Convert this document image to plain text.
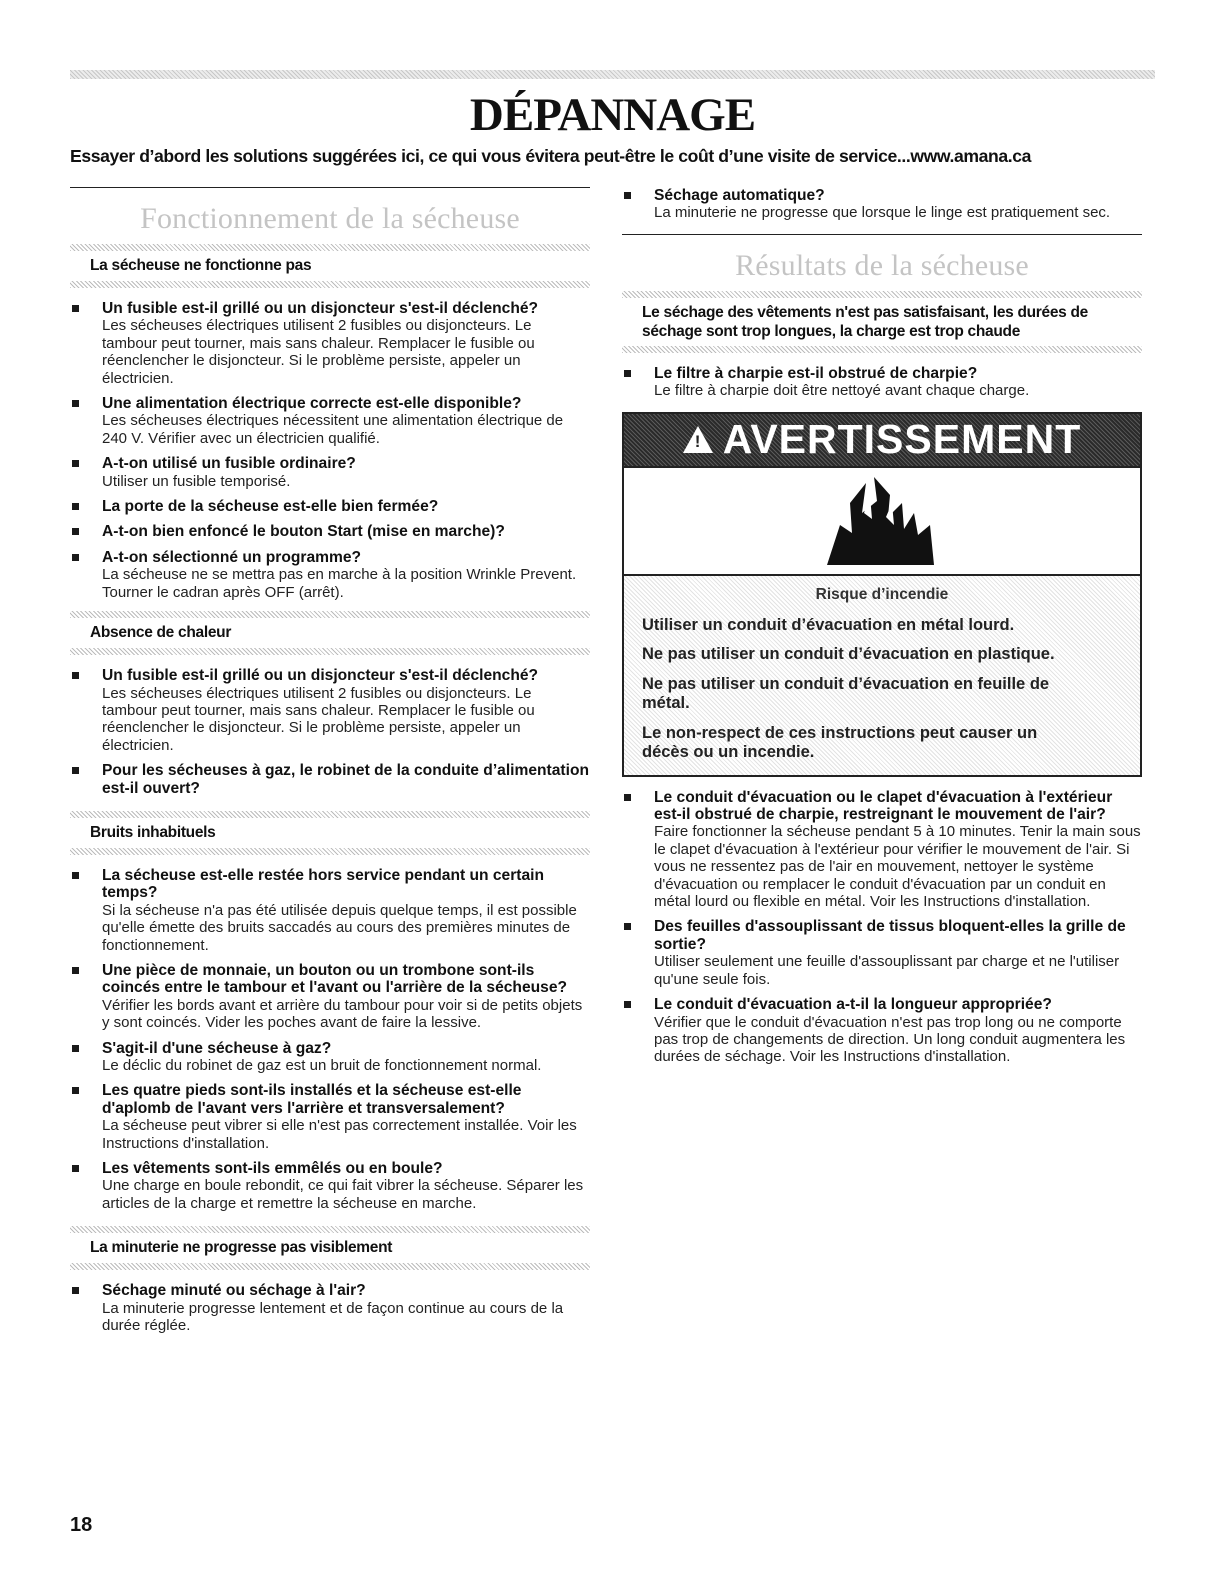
DÉPANNAGE

Essayer d’abord les solutions suggérées ici, ce qui vous évitera peut-être le coût d’une visite de service...www.amana.ca

Fonctionnement de la sécheuse
La sécheuse ne fonctionne pas
Un fusible est-il grillé ou un disjoncteur s'est-il déclenché?
Les sécheuses électriques utilisent 2 fusibles ou disjoncteurs. Le tambour peut tourner, mais sans chaleur. Remplacer le fusible ou réenclencher le disjoncteur. Si le problème persiste, appeler un électricien.
Une alimentation électrique correcte est-elle disponible?
Les sécheuses électriques nécessitent une alimentation électrique de 240 V. Vérifier avec un électricien qualifié.
A-t-on utilisé un fusible ordinaire?
Utiliser un fusible temporisé.
La porte de la sécheuse est-elle bien fermée?
A-t-on bien enfoncé le bouton Start (mise en marche)?
A-t-on sélectionné un programme?
La sécheuse ne se mettra pas en marche à la position Wrinkle Prevent. Tourner le cadran après OFF (arrêt).
Absence de chaleur
Un fusible est-il grillé ou un disjoncteur s'est-il déclenché?
Les sécheuses électriques utilisent 2 fusibles ou disjoncteurs. Le tambour peut tourner, mais sans chaleur. Remplacer le fusible ou réenclencher le disjoncteur. Si le problème persiste, appeler un électricien.
Pour les sécheuses à gaz, le robinet de la conduite d’alimentation est-il ouvert?
Bruits inhabituels
La sécheuse est-elle restée hors service pendant un certain temps?
Si la sécheuse n'a pas été utilisée depuis quelque temps, il est possible qu'elle émette des bruits saccadés au cours des premières minutes de fonctionnement.
Une pièce de monnaie, un bouton ou un trombone sont-ils coincés entre le tambour et l'avant ou l'arrière de la sécheuse?
Vérifier les bords avant et arrière du tambour pour voir si de petits objets y sont coincés. Vider les poches avant de faire la lessive.
S'agit-il d'une sécheuse à gaz?
Le déclic du robinet de gaz est un bruit de fonctionnement normal.
Les quatre pieds sont-ils installés et la sécheuse est-elle d'aplomb de l'avant vers l'arrière et transversalement?
La sécheuse peut vibrer si elle n'est pas correctement installée. Voir les Instructions d'installation.
Les vêtements sont-ils emmêlés ou en boule?
Une charge en boule rebondit, ce qui fait vibrer la sécheuse. Séparer les articles de la charge et remettre la sécheuse en marche.
La minuterie ne progresse pas visiblement
Séchage minuté ou séchage à l'air?
La minuterie progresse lentement et de façon continue au cours de la durée réglée.
Séchage automatique?
La minuterie ne progresse que lorsque le linge est pratiquement sec.
Résultats de la sécheuse
Le séchage des vêtements n'est pas satisfaisant, les durées de séchage sont trop longues, la charge est trop chaude
Le filtre à charpie est-il obstrué de charpie?
Le filtre à charpie doit être nettoyé avant chaque charge.
! AVERTISSEMENT
Risque d’incendie
Utiliser un conduit d’évacuation en métal lourd.
Ne pas utiliser un conduit d’évacuation en plastique.
Ne pas utiliser un conduit d’évacuation en feuille de métal.
Le non-respect de ces instructions peut causer un décès ou un incendie.
Le conduit d'évacuation ou le clapet d'évacuation à l'extérieur est-il obstrué de charpie, restreignant le mouvement de l'air?
Faire fonctionner la sécheuse pendant 5 à 10 minutes. Tenir la main sous le clapet d'évacuation à l'extérieur pour vérifier le mouvement de l'air. Si vous ne ressentez pas de l'air en mouvement, nettoyer le système d'évacuation ou remplacer le conduit d'évacuation par un conduit en métal lourd ou flexible en métal. Voir les Instructions d'installation.
Des feuilles d'assouplissant de tissus bloquent-elles la grille de sortie?
Utiliser seulement une feuille d'assouplissant par charge et ne l'utiliser qu'une seule fois.
Le conduit d'évacuation a-t-il la longueur appropriée?
Vérifier que le conduit d'évacuation n'est pas trop long ou ne comporte pas trop de changements de direction. Un long conduit augmentera les durées de séchage. Voir les Instructions d'installation.
18
